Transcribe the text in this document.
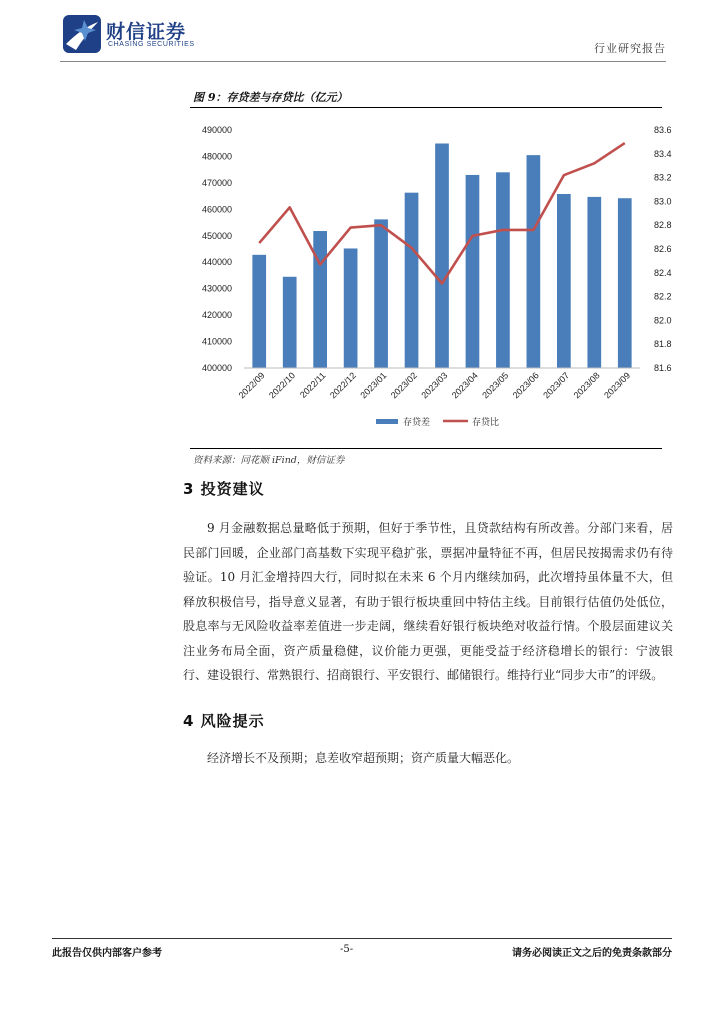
财信证券
CHASING SECURITIES	行业研究报告
图 9：存贷差与存贷比（亿元）
400000
410000
420000
430000
440000
450000
460000
470000
480000
490000
81.6
81.8
82.0
82.2
82.4
82.6
82.8
83.0
83.2
83.4
83.6
2022/09 2022/10 2022/11 2022/12 2023/01 2023/02 2023/03 2023/04 2023/05 2023/06 2023/07 2023/08 2023/09
存贷差	存贷比
资料来源：同花顺 iFind，财信证券
3 投资建议
9 月金融数据总量略低于预期，但好于季节性，且贷款结构有所改善。分部门来看，居民部门回暖，企业部门高基数下实现平稳扩张，票据冲量特征不再，但居民按揭需求仍有待验证。10 月汇金增持四大行，同时拟在未来 6 个月内继续加码，此次增持虽体量不大，但释放积极信号，指导意义显著，有助于银行板块重回中特估主线。目前银行估值仍处低位，股息率与无风险收益率差值进一步走阔，继续看好银行板块绝对收益行情。个股层面建议关注业务布局全面，资产质量稳健，议价能力更强，更能受益于经济稳增长的银行：宁波银行、建设银行、常熟银行、招商银行、平安银行、邮储银行。维持行业“同步大市”的评级。
4 风险提示
经济增长不及预期；息差收窄超预期；资产质量大幅恶化。
此报告仅供内部客户参考	-5-	请务必阅读正文之后的免责条款部分
